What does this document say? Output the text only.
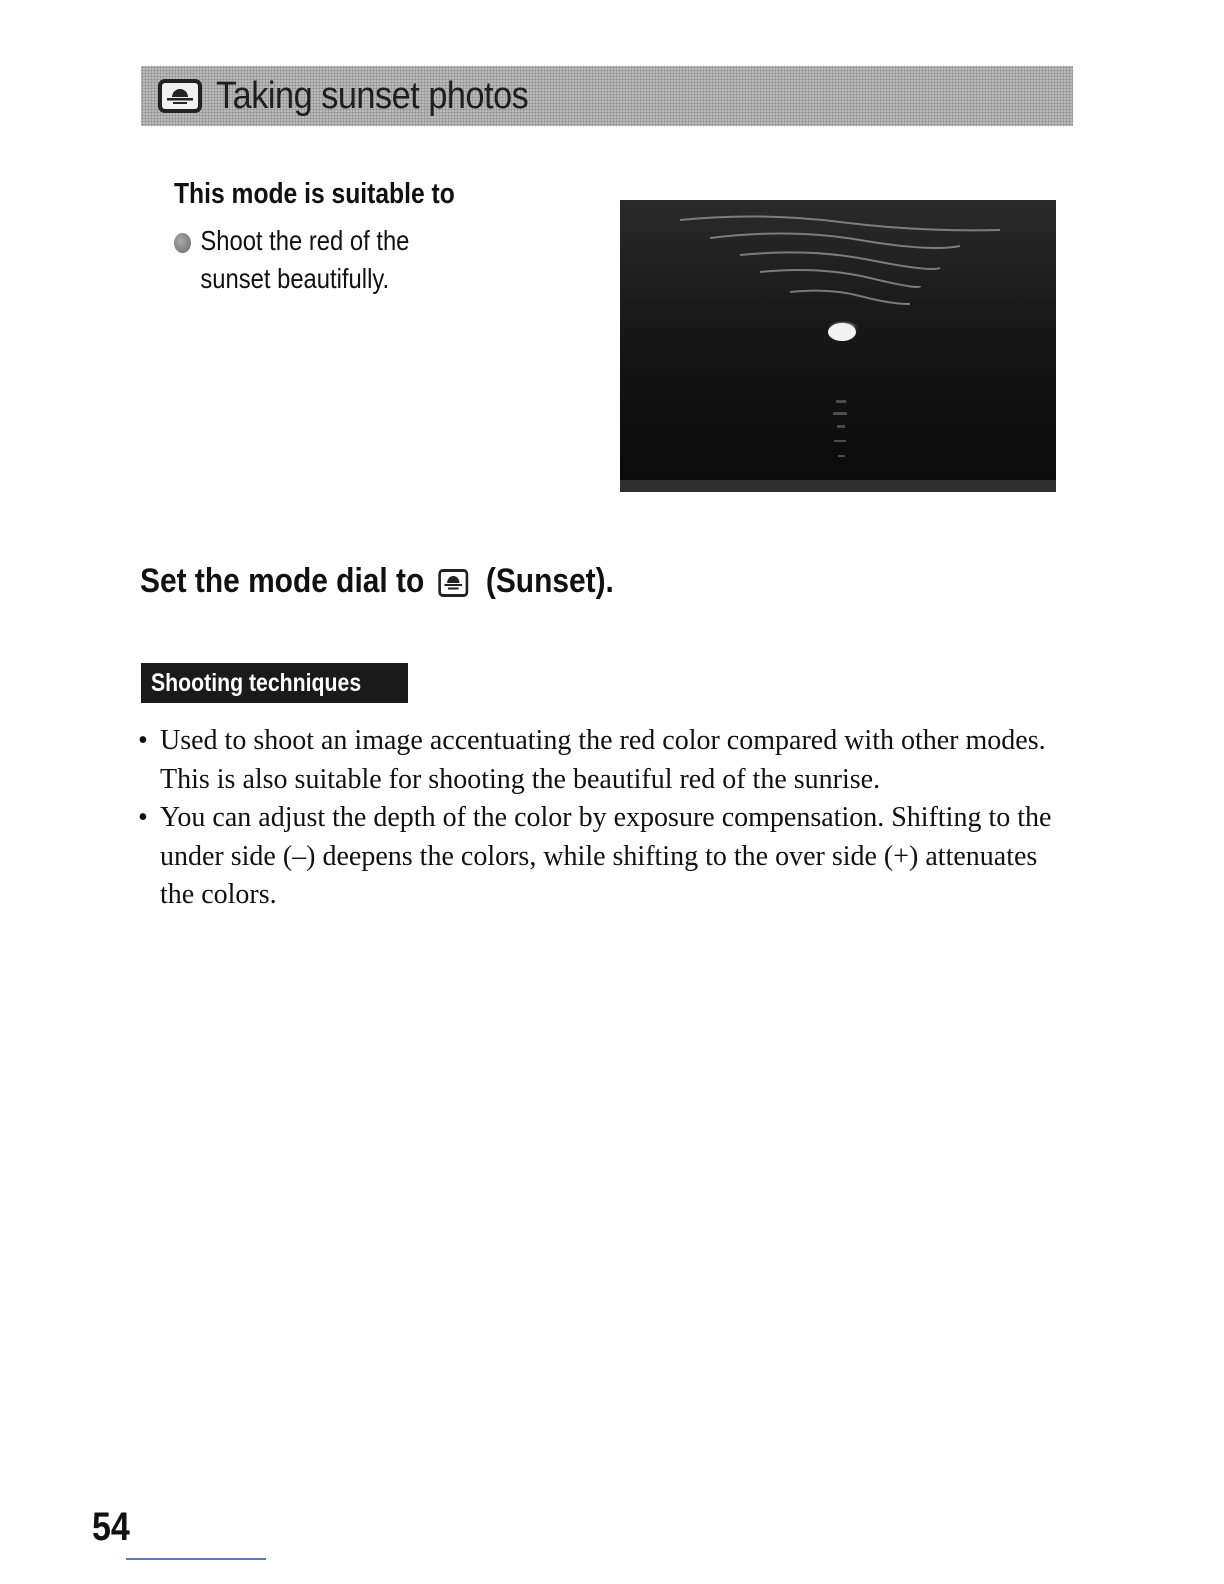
Taking sunset photos
This mode is suitable to
Shoot the red of the sunset beautifully.
Set the mode dial to (Sunset).
Shooting techniques
• Used to shoot an image accentuating the red color compared with other modes. This is also suitable for shooting the beautiful red of the sunrise.
• You can adjust the depth of the color by exposure compensation. Shifting to the under side (–) deepens the colors, while shifting to the over side (+) attenuates the colors.
54
